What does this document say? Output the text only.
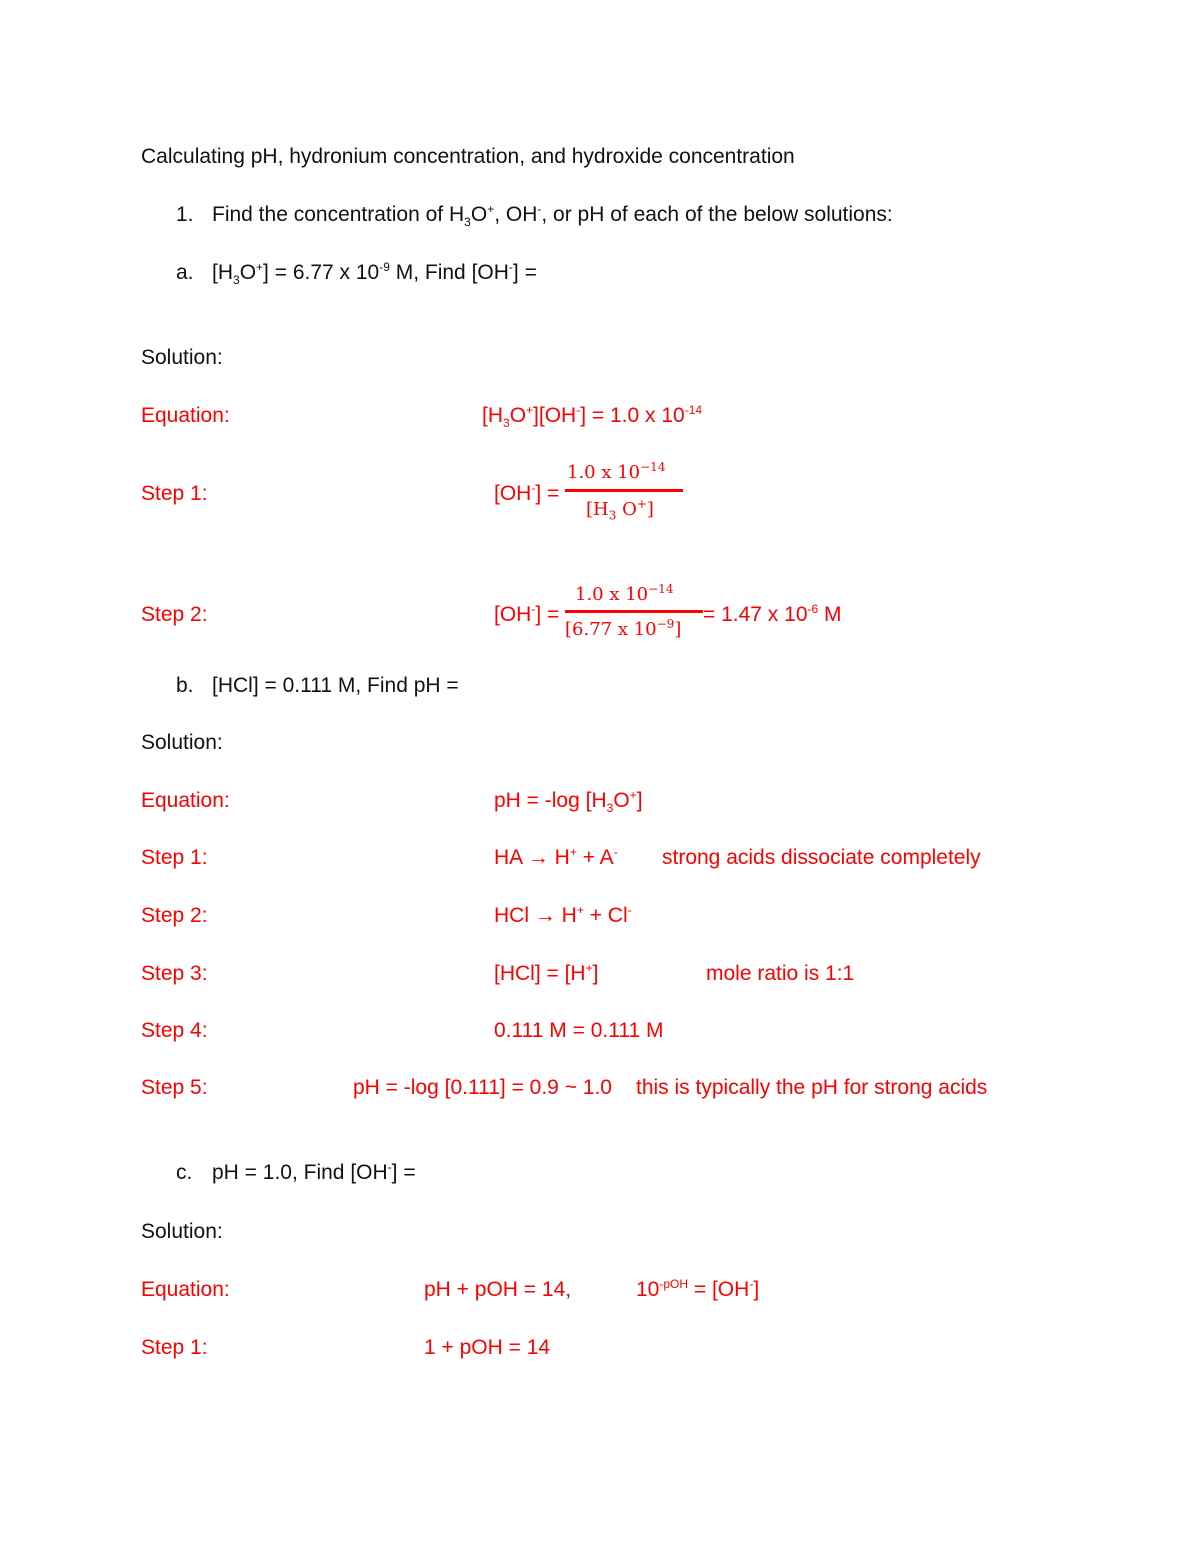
Calculating pH, hydronium concentration, and hydroxide concentration
1. Find the concentration of $H_3O^+$, OH-, or pH of each of the below solutions:
a. $[H_3O^+] = 6.77$ x $10^{-9}$ M, Find [OH-] =
Solution:
Equation:	$[H_3O^+][OH^-] = 1.0$ x $10^{-14}$
Step 1:	[OH-] =
1.0 x $10^{-14}$
[$H_3$ O+]
Step 2:	[OH-] =
1.0 x $10^{-14}$
[6.77 x $10^{-9}$]
= 1.47 x $10^{-6}$ M
b. [HCl] = 0.111 M, Find pH =
Solution:
Equation:	pH = -log $[H_3O^+]$
Step 1:	HA → H+ + A- strong acids dissociate completely
Step 2:	HCl → H+ + Cl-
Step 3:	[HCl] = [H+]	mole ratio is 1:1
Step 4:	0.111 M = 0.111 M
Step 5:	pH = -log [0.111] = 0.9 ~ 1.0 this is typically the pH for strong acids
c. pH = 1.0, Find [OH-] =
Solution:
Equation:	pH + pOH = 14,	$10^{-pOH} = [OH^-]$
Step 1:	1 + pOH = 14
